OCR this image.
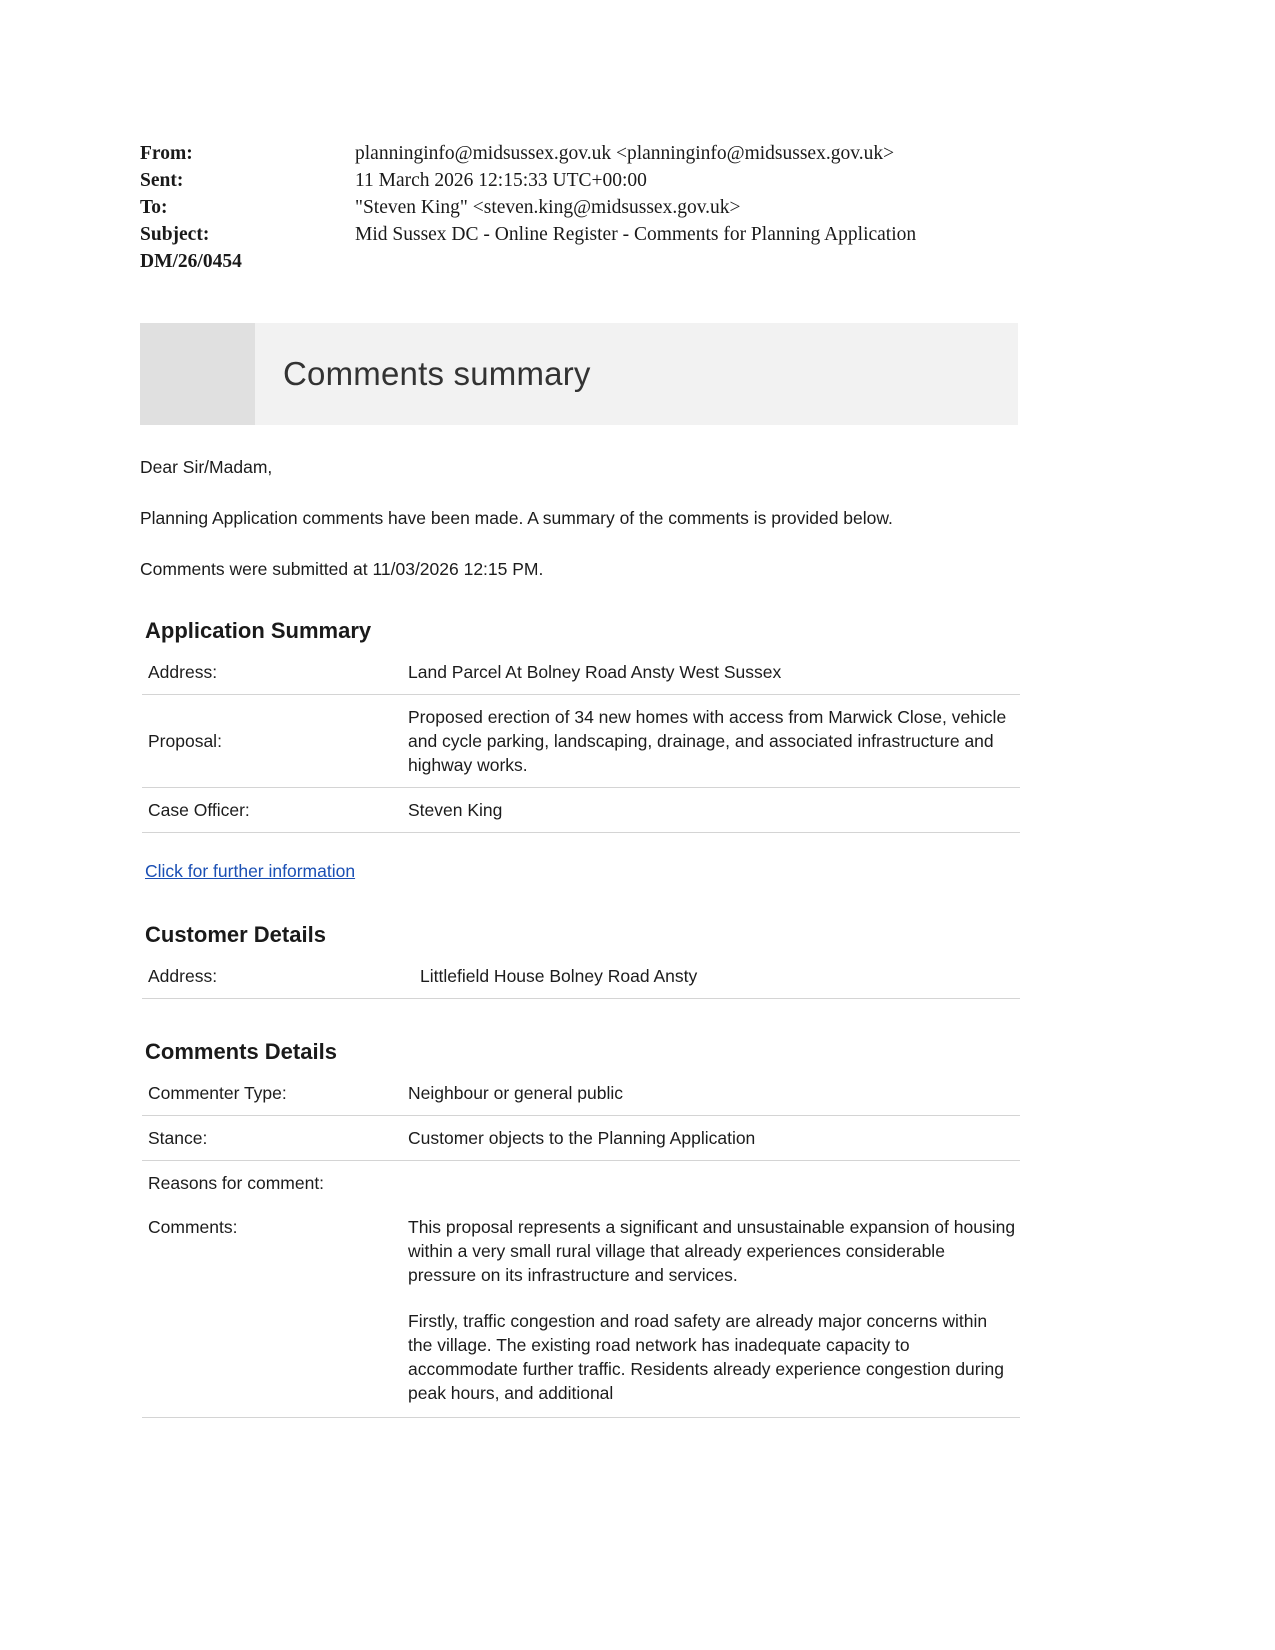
From:	planninginfo@midsussex.gov.uk <planninginfo@midsussex.gov.uk>
Sent:	11 March 2026 12:15:33 UTC+00:00
To:	"Steven King" <steven.king@midsussex.gov.uk>
Subject:	Mid Sussex DC - Online Register - Comments for Planning Application
DM/26/0454
Comments summary
Dear Sir/Madam,
Planning Application comments have been made. A summary of the comments is provided below.
Comments were submitted at 11/03/2026 12:15 PM.
Application Summary
Address:	Land Parcel At Bolney Road Ansty West Sussex
Proposal:	Proposed erection of 34 new homes with access from Marwick Close, vehicle and cycle parking, landscaping, drainage, and associated infrastructure and highway works.
Case Officer:	Steven King
Click for further information
Customer Details
Address:	Littlefield House Bolney Road Ansty
Comments Details
Commenter Type:	Neighbour or general public
Stance:	Customer objects to the Planning Application
Reasons for comment:	
Comments:	This proposal represents a significant and unsustainable expansion of housing within a very small rural village that already experiences considerable pressure on its infrastructure and services.

Firstly, traffic congestion and road safety are already major concerns within the village. The existing road network has inadequate capacity to accommodate further traffic. Residents already experience congestion during peak hours, and additional
